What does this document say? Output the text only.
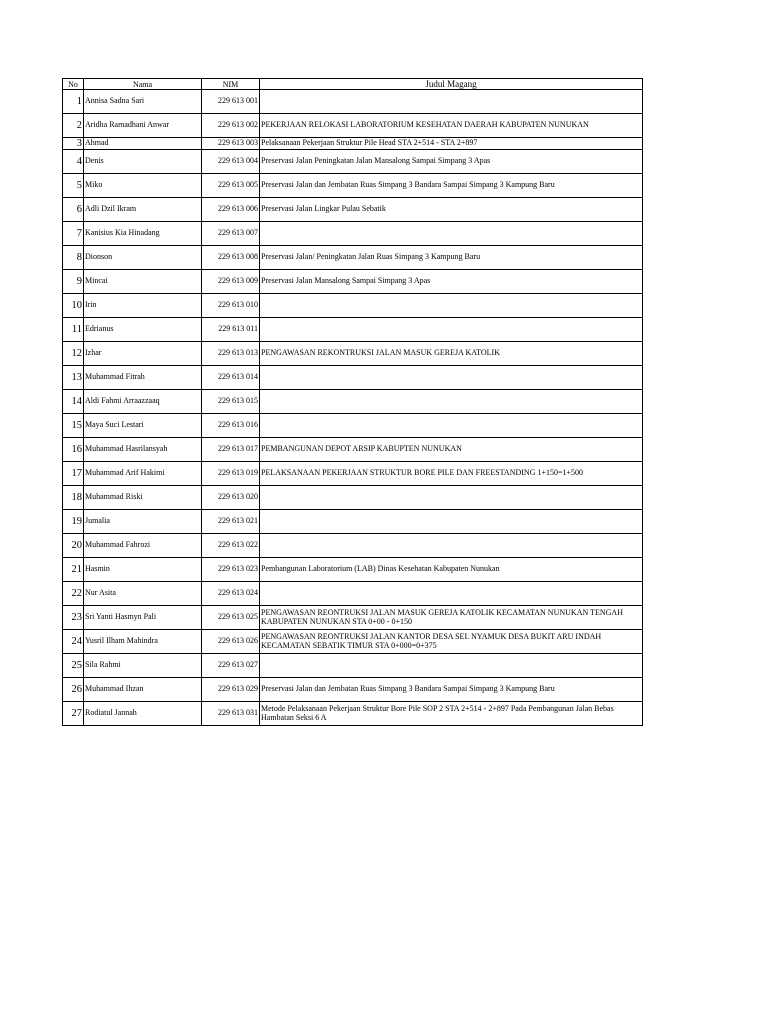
No	Nama	NIM	Judul Magang
1	Annisa Sadna Sari	229 613 001	
2	Aridha Ramadhani Anwar	229 613 002	PEKERJAAN RELOKASI LABORATORIUM KESEHATAN DAERAH KABUPATEN NUNUKAN
3	Ahmad	229 613 003	Pelaksanaan Pekerjaan Struktur Pile Head STA 2+514 - STA 2+897
4	Denis	229 613 004	Preservasi Jalan Peningkatan Jalan Mansalong Sampai Simpang 3 Apas
5	Miko	229 613 005	Preservasi Jalan dan Jembatan Ruas Simpang 3 Bandara Sampai Simpang 3 Kampung Baru
6	Adli Dzil Ikram	229 613 006	Preservasi Jalan Lingkar Pulau Sebatik
7	Kanisius Kia Hinadang	229 613 007	
8	Dionson	229 613 008	Preservasi Jalan/ Peningkatan Jalan Ruas Simpang 3 Kampung Baru
9	Mincai	229 613 009	Preservasi Jalan Mansalong Sampai Simpang 3 Apas
10	Irin	229 613 010	
11	Edrianus	229 613 011	
12	Izhar	229 613 013	PENGAWASAN REKONTRUKSI JALAN MASUK GEREJA KATOLIK
13	Muhammad Fitrah	229 613 014	
14	Aldi Fahmi Arraazzaaq	229 613 015	
15	Maya Suci Lestari	229 613 016	
16	Muhammad Hasrilansyah	229 613 017	PEMBANGUNAN DEPOT ARSIP KABUPTEN NUNUKAN
17	Muhammad Arif Hakimi	229 613 019	PELAKSANAAN PEKERJAAN STRUKTUR BORE PILE DAN FREESTANDING 1+150=1+500
18	Muhammad Riski	229 613 020	
19	Jumalia	229 613 021	
20	Muhammad Fahrozi	229 613 022	
21	Hasmin	229 613 023	Pembangunan Laboratorium (LAB) Dinas Kesehatan Kabupaten Nunukan
22	Nur Asita	229 613 024	
23	Sri Yanti Hasmyn Pali	229 613 025	PENGAWASAN REONTRUKSI JALAN MASUK GEREJA KATOLIK KECAMATAN NUNUKAN TENGAH KABUPATEN NUNUKAN STA 0+00 - 0+150
24	Yusril Ilham Mahindra	229 613 026	PENGAWASAN REONTRUKSI JALAN KANTOR DESA SEI. NYAMUK DESA BUKIT ARU INDAH KECAMATAN SEBATIK TIMUR STA 0+000=0+375
25	Sila Rahmi	229 613 027	
26	Muhammad Ihzan	229 613 029	Preservasi Jalan dan Jembatan Ruas Simpang 3 Bandara Sampai Simpang 3 Kampung Baru
27	Rodiatul Jannah	229 613 031	Metode Pelaksanaan Pekerjaan Struktur Bore Pile SOP 2 STA 2+514 - 2+897 Pada Pembangunan Jalan Bebas Hambatan Seksi 6 A
